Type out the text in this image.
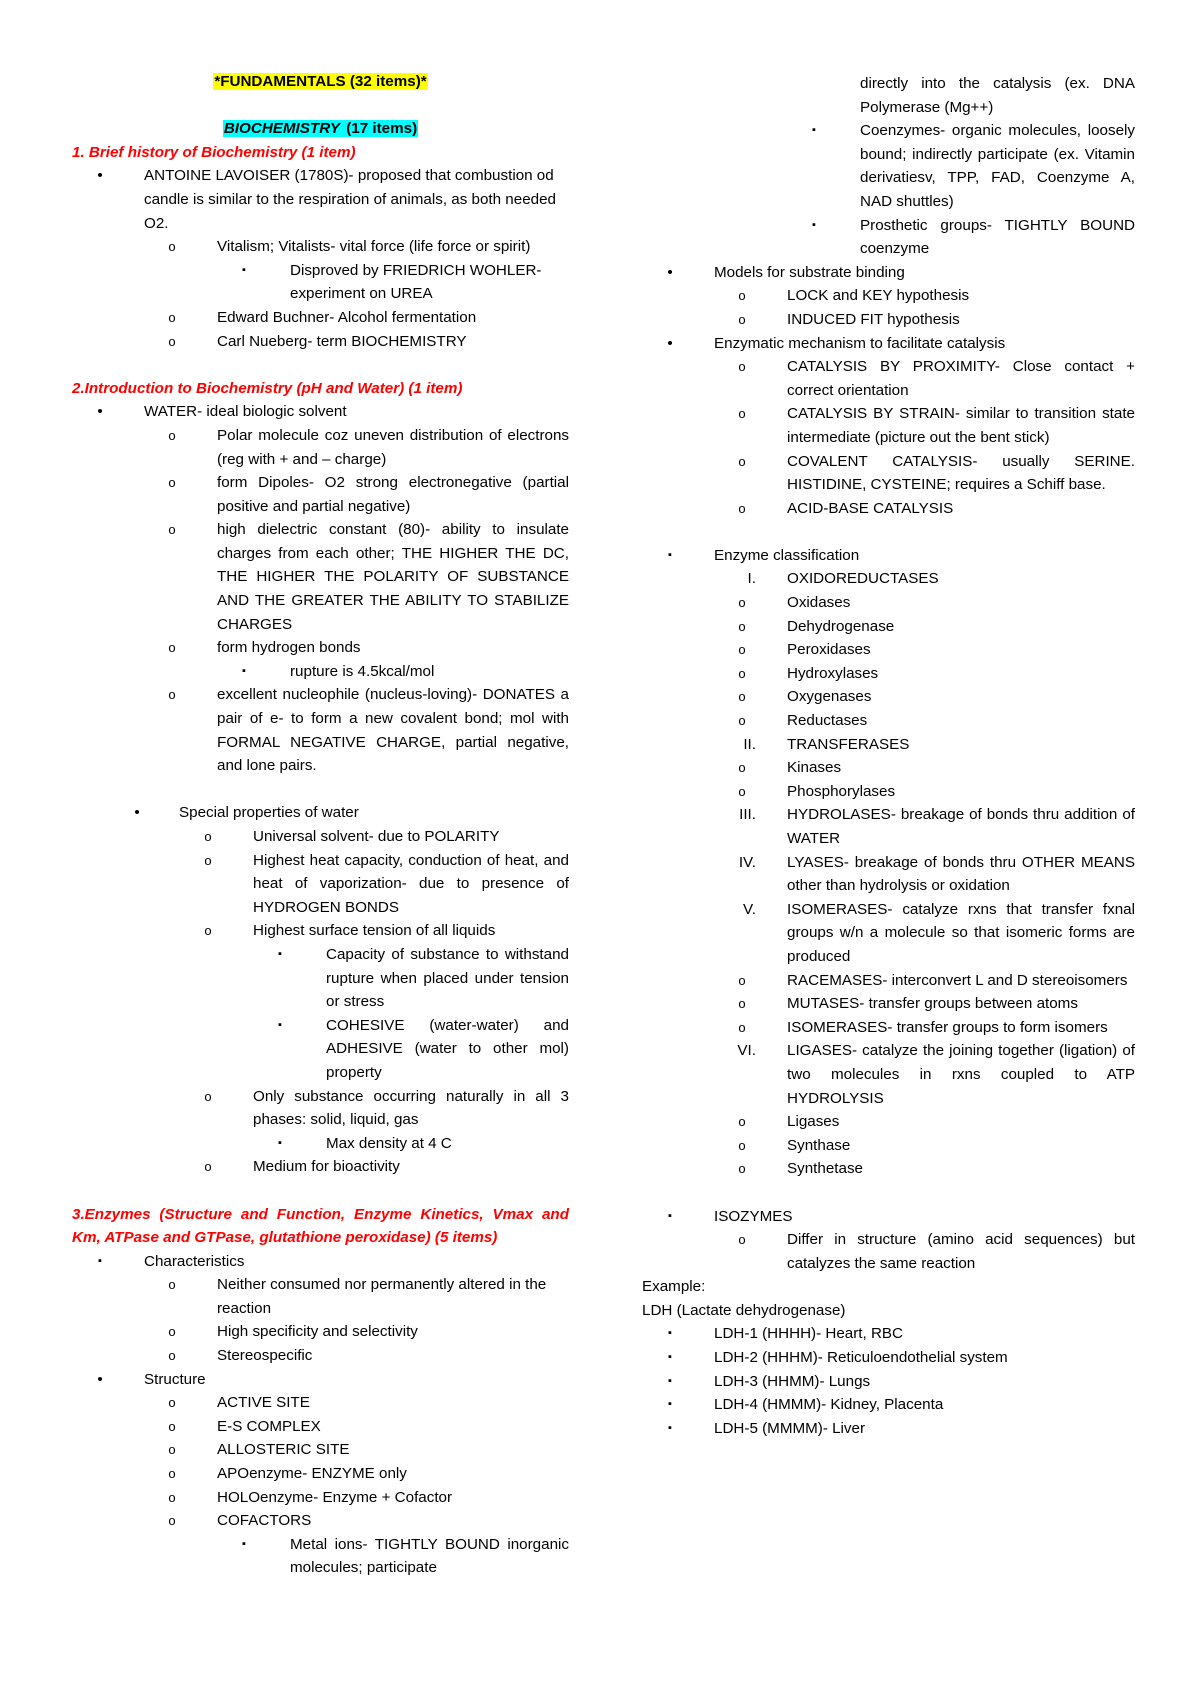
*FUNDAMENTALS (32 items)*
BIOCHEMISTRY (17 items)
1. Brief history of Biochemistry (1 item)
•	ANTOINE LAVOISER (1780S)- proposed that combustion od candle is similar to the respiration of animals, as both needed O2.
o	Vitalism; Vitalists- vital force (life force or spirit)
▪	Disproved by FRIEDRICH WOHLER- experiment on UREA
o	Edward Buchner- Alcohol fermentation
o	Carl Nueberg- term BIOCHEMISTRY
2.Introduction to Biochemistry (pH and Water) (1 item)
•	WATER- ideal biologic solvent
o	Polar molecule coz uneven distribution of electrons (reg with + and – charge)
o	form Dipoles- O2 strong electronegative (partial positive and partial negative)
o	high dielectric constant (80)- ability to insulate charges from each other; THE HIGHER THE DC, THE HIGHER THE POLARITY OF SUBSTANCE AND THE GREATER THE ABILITY TO STABILIZE CHARGES
o	form hydrogen bonds
▪	rupture is 4.5kcal/mol
o	excellent nucleophile (nucleus-loving)- DONATES a pair of e- to form a new covalent bond; mol with FORMAL NEGATIVE CHARGE, partial negative, and lone pairs.
•	Special properties of water
o	Universal solvent- due to POLARITY
o	Highest heat capacity, conduction of heat, and heat of vaporization- due to presence of HYDROGEN BONDS
o	Highest surface tension of all liquids
▪	Capacity of substance to withstand rupture when placed under tension or stress
▪	COHESIVE (water-water) and ADHESIVE (water to other mol) property
o	Only substance occurring naturally in all 3 phases: solid, liquid, gas
▪	Max density at 4 C
o	Medium for bioactivity
3.Enzymes (Structure and Function, Enzyme Kinetics, Vmax and Km, ATPase and GTPase, glutathione peroxidase) (5 items)
▪	Characteristics
o	Neither consumed nor permanently altered in the reaction
o	High specificity and selectivity
o	Stereospecific
•	Structure
o	ACTIVE SITE
o	E-S COMPLEX
o	ALLOSTERIC SITE
o	APOenzyme- ENZYME only
o	HOLOenzyme- Enzyme + Cofactor
o	COFACTORS
▪	Metal ions- TIGHTLY BOUND inorganic molecules; participate
directly into the catalysis (ex. DNA Polymerase (Mg++)
▪	Coenzymes- organic molecules, loosely bound; indirectly participate (ex. Vitamin derivatiesv, TPP, FAD, Coenzyme A, NAD shuttles)
▪	Prosthetic groups- TIGHTLY BOUND coenzyme
•	Models for substrate binding
o	LOCK and KEY hypothesis
o	INDUCED FIT hypothesis
•	Enzymatic mechanism to facilitate catalysis
o	CATALYSIS BY PROXIMITY- Close contact + correct orientation
o	CATALYSIS BY STRAIN- similar to transition state intermediate (picture out the bent stick)
o	COVALENT CATALYSIS- usually SERINE. HISTIDINE, CYSTEINE; requires a Schiff base.
o	ACID-BASE CATALYSIS
▪	Enzyme classification
I. OXIDOREDUCTASES
o	Oxidases
o	Dehydrogenase
o	Peroxidases
o	Hydroxylases
o	Oxygenases
o	Reductases
II. TRANSFERASES
o	Kinases
o	Phosphorylases
III. HYDROLASES- breakage of bonds thru addition of WATER
IV. LYASES- breakage of bonds thru OTHER MEANS other than hydrolysis or oxidation
V. ISOMERASES- catalyze rxns that transfer fxnal groups w/n a molecule so that isomeric forms are produced
o	RACEMASES- interconvert L and D stereoisomers
o	MUTASES- transfer groups between atoms
o	ISOMERASES- transfer groups to form isomers
VI. LIGASES- catalyze the joining together (ligation) of two molecules in rxns coupled to ATP HYDROLYSIS
o	Ligases
o	Synthase
o	Synthetase
▪	ISOZYMES
o	Differ in structure (amino acid sequences) but catalyzes the same reaction
Example:
LDH (Lactate dehydrogenase)
▪	LDH-1 (HHHH)- Heart, RBC
▪	LDH-2 (HHHM)- Reticuloendothelial system
▪	LDH-3 (HHMM)- Lungs
▪	LDH-4 (HMMM)- Kidney, Placenta
▪	LDH-5 (MMMM)- Liver
